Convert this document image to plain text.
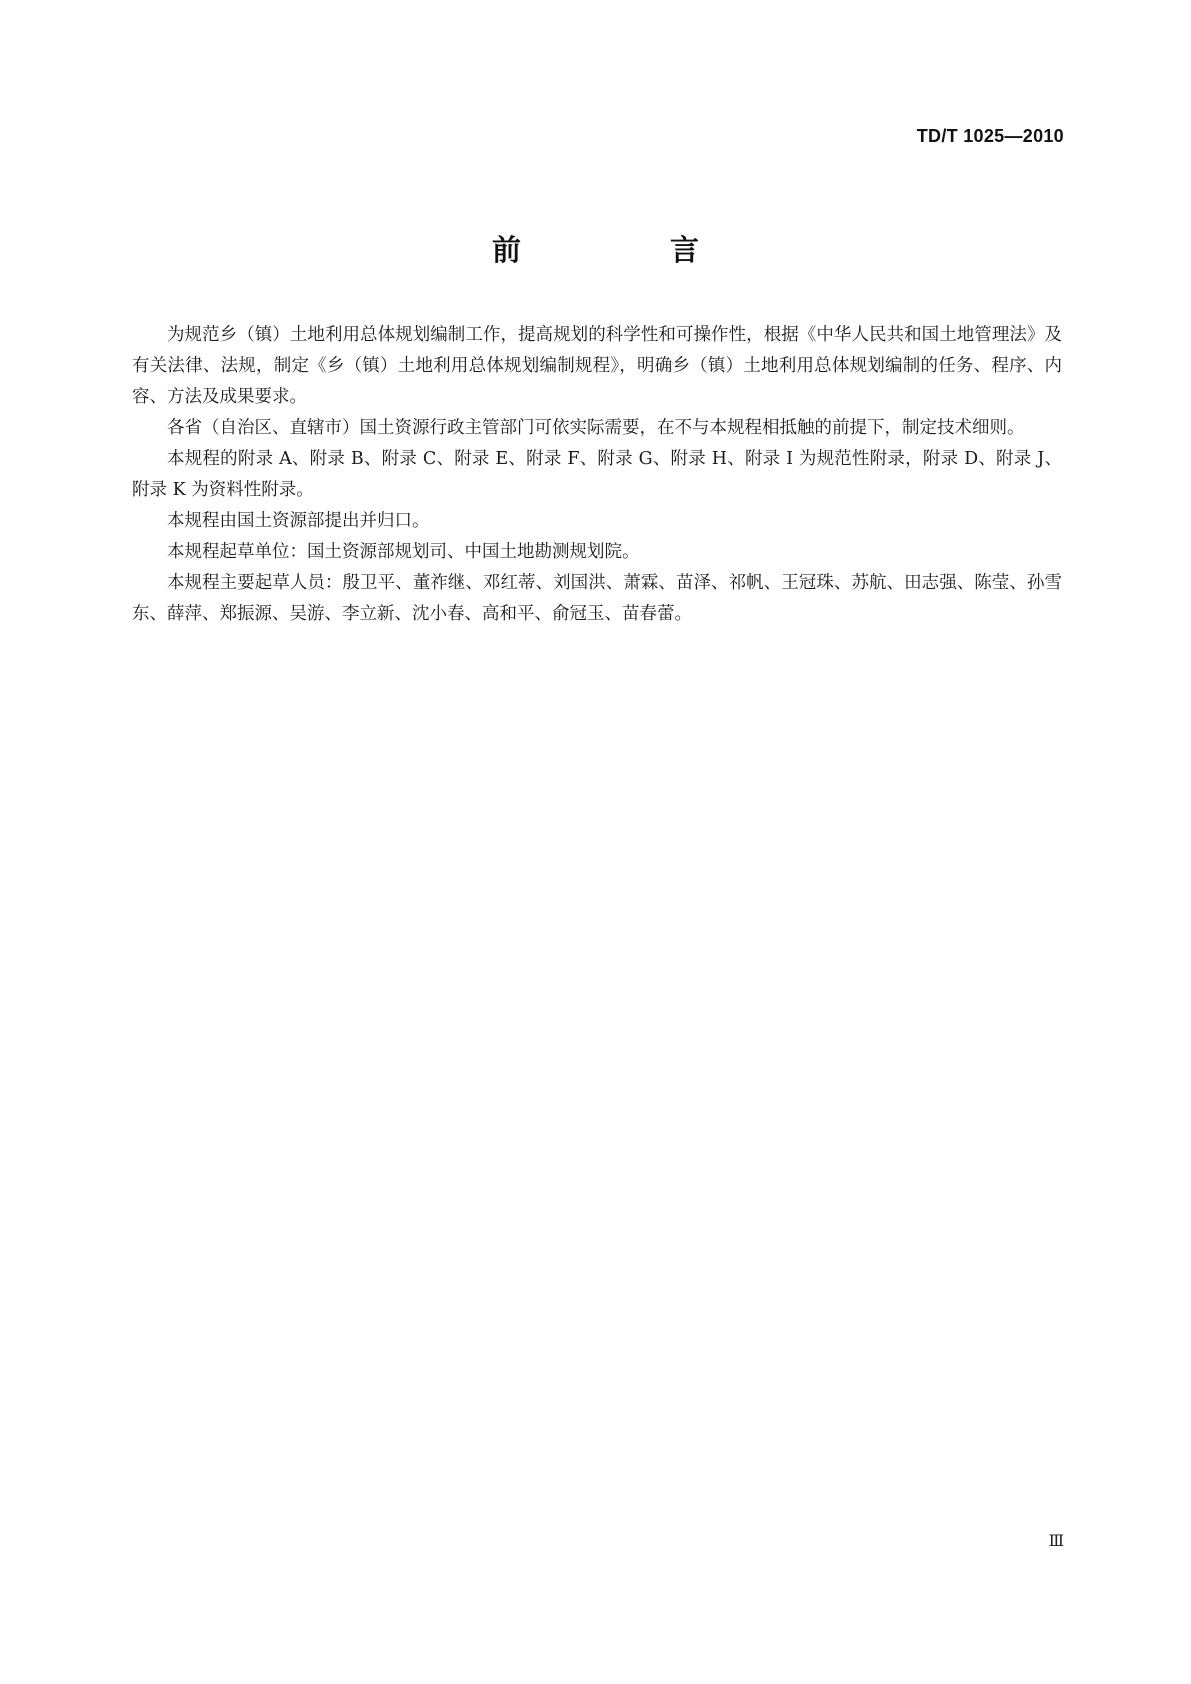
TD/T 1025—2010
前　言

为规范乡（镇）土地利用总体规划编制工作，提高规划的科学性和可操作性，根据《中华人民共和国土地管理法》及有关法律、法规，制定《乡（镇）土地利用总体规划编制规程》，明确乡（镇）土地利用总体规划编制的任务、程序、内容、方法及成果要求。

各省（自治区、直辖市）国土资源行政主管部门可依实际需要，在不与本规程相抵触的前提下，制定技术细则。

本规程的附录 A、附录 B、附录 C、附录 E、附录 F、附录 G、附录 H、附录 I 为规范性附录，附录 D、附录 J、附录 K 为资料性附录。

本规程由国土资源部提出并归口。

本规程起草单位：国土资源部规划司、中国土地勘测规划院。

本规程主要起草人员：殷卫平、董祚继、邓红蒂、刘国洪、萧霖、苗泽、祁帆、王冠珠、苏航、田志强、陈莹、孙雪东、薛萍、郑振源、吴游、李立新、沈小春、高和平、俞冠玉、苗春蕾。

Ⅲ
